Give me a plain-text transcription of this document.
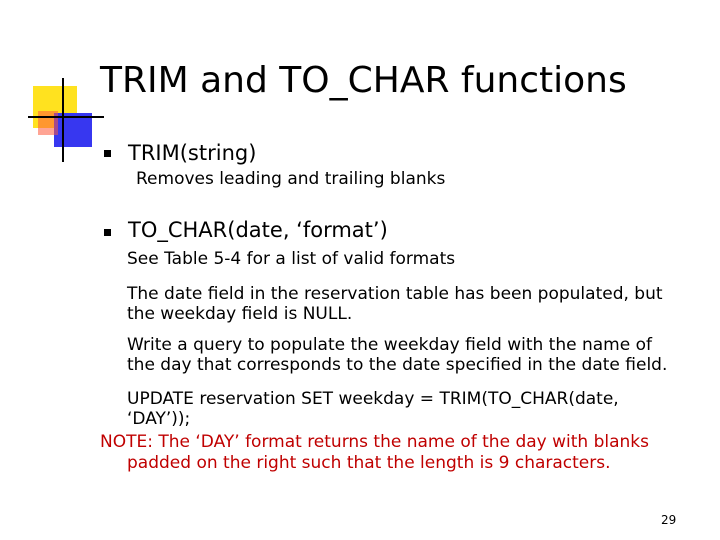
TRIM and TO_CHAR functions
TRIM(string)
Removes leading and trailing blanks
TO_CHAR(date, ‘format’)
See Table 5-4 for a list of valid formats
The date field in the reservation table has been populated, but
the weekday field is NULL.
Write a query to populate the weekday field with the name of
the day that corresponds to the date specified in the date field.
UPDATE reservation SET weekday = TRIM(TO_CHAR(date,
‘DAY’));
NOTE: The ‘DAY’ format returns the name of the day with blanks
padded on the right such that the length is 9 characters.
29
